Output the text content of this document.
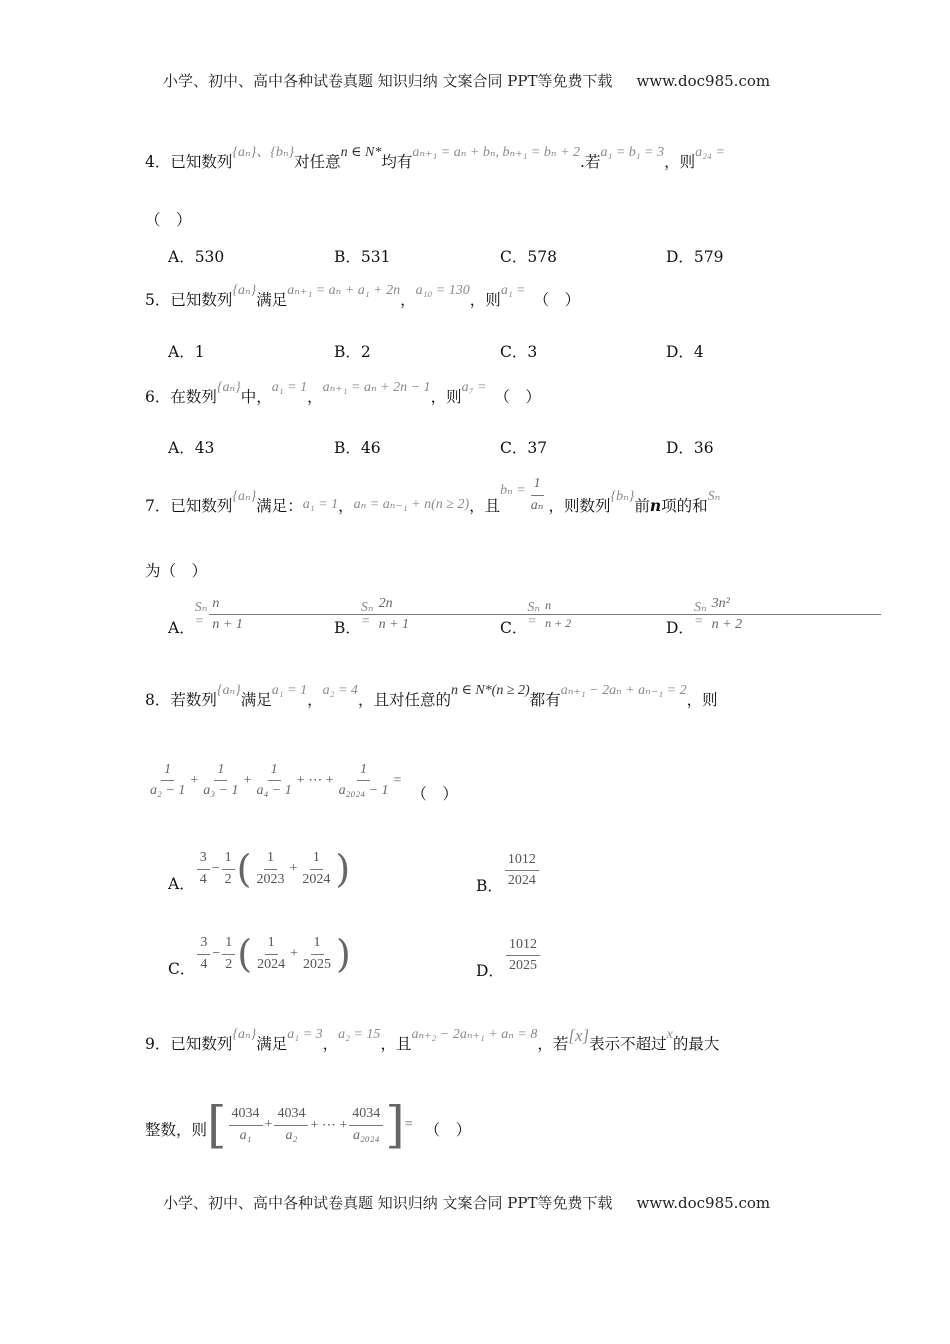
小学、初中、高中各种试卷真题 知识归纳 文案合同 PPT等免费下载 www.doc985.com
4．已知数列
{aₙ}、{bₙ}
对任意
n ∈ N*
均有
aₙ₊₁ = aₙ + bₙ, bₙ₊₁ = bₙ + 2
.若
a₁ = b₁ = 3
，则
a₂₄ =
（　）
A．530	B．531	C．578	D．579
5．已知数列
{aₙ}
满足
aₙ₊₁ = aₙ + a₁ + 2n
，
a₁₀ = 130
，则
a₁ =
（　）
A．1	B．2	C．3	D．4
6．在数列
{aₙ}
中，
a₁ = 1
，
aₙ₊₁ = aₙ + 2n − 1
，则
a₇ =
（　）
A．43	B．46	C．37	D．36
7．已知数列
{aₙ}
满足： a₁ = 1 ， aₙ = aₙ₋₁ + n(n ≥ 2) ，且
$b_n = \frac{1}{\text{aₙ}}$ ，则数列
{bₙ}
前 n 项的和
Sₙ
为（　）
A．
$S_n = \frac{n}{n + 1}$
B．
$S_n = \frac{2n}{n + 1}$
C．
$S_n = \frac{n}{n + 2}$
D．
$S_n = \frac{\text{3n²}}{n + 2}$
8．若数列
{aₙ}
满足
a₁ = 1
，
a₂ = 4
，且对任意的
n ∈ N*(n ≥ 2)
都有
aₙ₊₁ − 2aₙ + aₙ₋₁ = 2
，则
$\frac{1}{\text{a₂ − 1}} + \frac{1}{\text{a₃ − 1}} + \frac{1}{\text{a₄ − 1}}$ + ⋯ + $\frac{1}{\text{a₂₀₂₄ − 1}}$ =
（　）
A． $\frac{3}{4} - \frac{1}{2}$ ( $\frac{1}{2023} + \frac{1}{2024}$ )	B． $\frac{1012}{2024}$
C． $\frac{3}{4} - \frac{1}{2}$ ( $\frac{1}{2024} + \frac{1}{2025}$ )	D． $\frac{1012}{2025}$
9．已知数列
{aₙ}
满足
a₁ = 3
，
a₂ = 15
，且
aₙ₊₂ − 2aₙ₊₁ + aₙ = 8
，若 [x] 表示不超过
x
的最大
整数，则 [ $\frac{4034}{\text{a₁}} + \frac{4034}{\text{a₂}}$ + ⋯ + $\frac{4034}{\text{a₂₀₂₄}}$ ] = （　）
小学、初中、高中各种试卷真题 知识归纳 文案合同 PPT等免费下载 www.doc985.com
